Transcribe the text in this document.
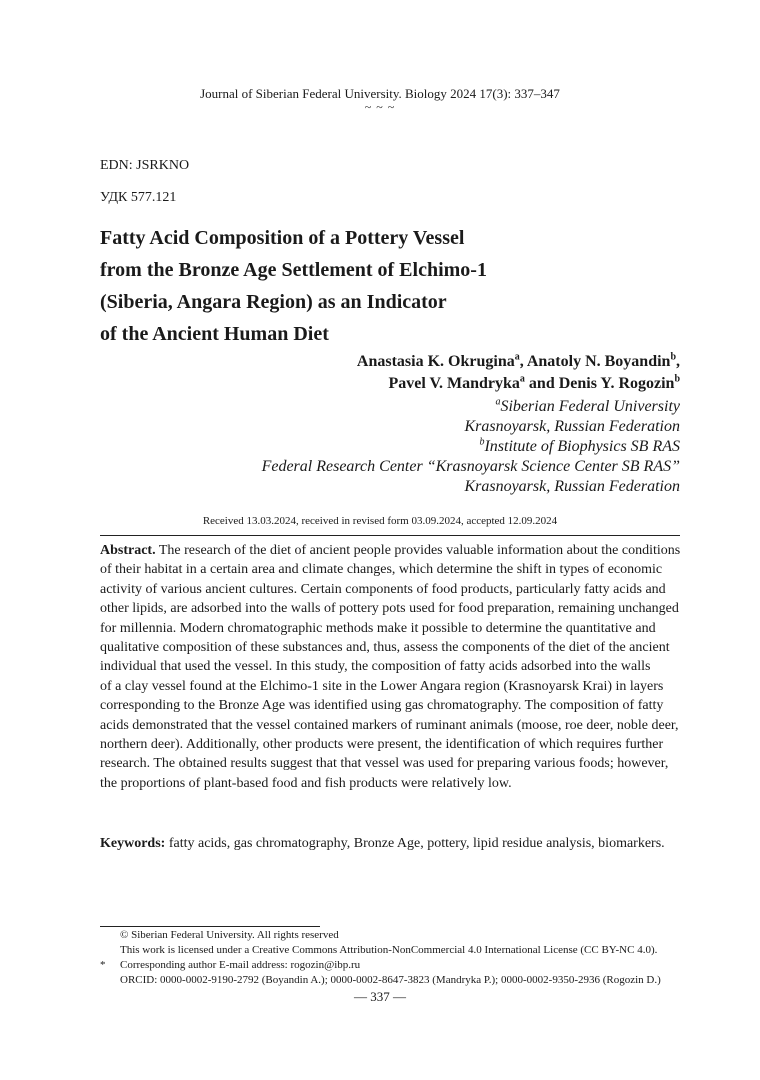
Journal of Siberian Federal University. Biology 2024 17(3): 337–347
~ ~ ~
EDN: JSRKNO
УДК 577.121
Fatty Acid Composition of a Pottery Vessel
from the Bronze Age Settlement of Elchimo-1
(Siberia, Angara Region) as an Indicator
of the Ancient Human Diet
Anastasia K. Okrugina$^a$, Anatoly N. Boyandin$^b$,
Pavel V. Mandryka$^a$ and Denis Y. Rogozin$^b$
$^a$Siberian Federal University
Krasnoyarsk, Russian Federation
$^b$Institute of Biophysics SB RAS
Federal Research Center “Krasnoyarsk Science Center SB RAS”
Krasnoyarsk, Russian Federation
Received 13.03.2024, received in revised form 03.09.2024, accepted 12.09.2024
Abstract. The research of the diet of ancient people provides valuable information about the conditions
of their habitat in a certain area and climate changes, which determine the shift in types of economic
activity of various ancient cultures. Certain components of food products, particularly fatty acids and
other lipids, are adsorbed into the walls of pottery pots used for food preparation, remaining unchanged
for millennia. Modern chromatographic methods make it possible to determine the quantitative and
qualitative composition of these substances and, thus, assess the components of the diet of the ancient
individual that used the vessel. In this study, the composition of fatty acids adsorbed into the walls
of a clay vessel found at the Elchimo-1 site in the Lower Angara region (Krasnoyarsk Krai) in layers
corresponding to the Bronze Age was identified using gas chromatography. The composition of fatty
acids demonstrated that the vessel contained markers of ruminant animals (moose, roe deer, noble deer,
northern deer). Additionally, other products were present, the identification of which requires further
research. The obtained results suggest that that vessel was used for preparing various foods; however,
the proportions of plant-based food and fish products were relatively low.
Keywords: fatty acids, gas chromatography, Bronze Age, pottery, lipid residue analysis, biomarkers.
© Siberian Federal University. All rights reserved
This work is licensed under a Creative Commons Attribution-NonCommercial 4.0 International License (CC BY-NC 4.0).
* Corresponding author E-mail address: rogozin@ibp.ru
ORCID: 0000-0002-9190-2792 (Boyandin A.); 0000-0002-8647-3823 (Mandryka P.); 0000-0002-9350-2936 (Rogozin D.)
— 337 —
